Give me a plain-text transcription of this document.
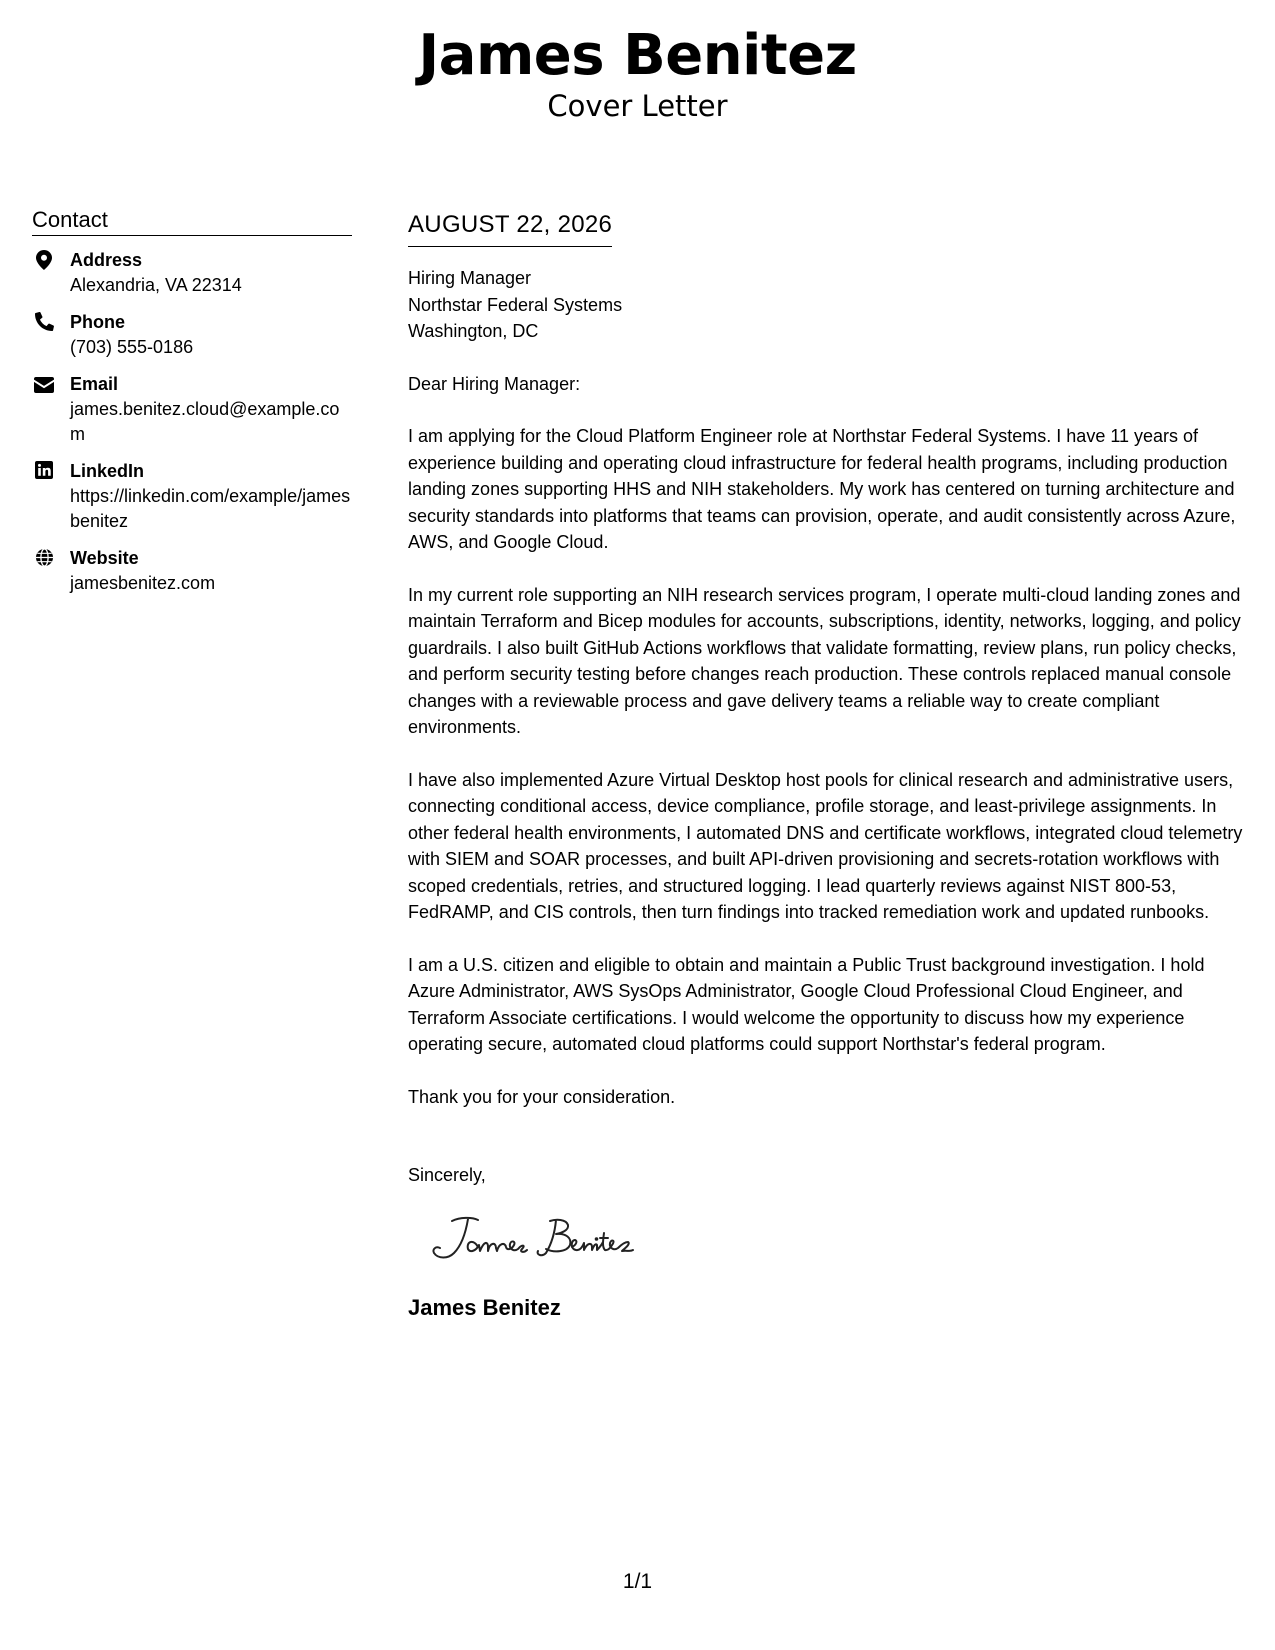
James Benitez
Cover Letter
Contact
Address
Alexandria, VA 22314
Phone
(703) 555-0186
Email
james.benitez.cloud@example.com
LinkedIn
https://linkedin.com/example/jamesbenitez
Website
jamesbenitez.com
AUGUST 22, 2026
Hiring Manager
Northstar Federal Systems
Washington, DC
Dear Hiring Manager:
I am applying for the Cloud Platform Engineer role at Northstar Federal Systems. I have 11 years of experience building and operating cloud infrastructure for federal health programs, including production landing zones supporting HHS and NIH stakeholders. My work has centered on turning architecture and security standards into platforms that teams can provision, operate, and audit consistently across Azure, AWS, and Google Cloud.
In my current role supporting an NIH research services program, I operate multi-cloud landing zones and maintain Terraform and Bicep modules for accounts, subscriptions, identity, networks, logging, and policy guardrails. I also built GitHub Actions workflows that validate formatting, review plans, run policy checks, and perform security testing before changes reach production. These controls replaced manual console changes with a reviewable process and gave delivery teams a reliable way to create compliant environments.
I have also implemented Azure Virtual Desktop host pools for clinical research and administrative users, connecting conditional access, device compliance, profile storage, and least-privilege assignments. In other federal health environments, I automated DNS and certificate workflows, integrated cloud telemetry with SIEM and SOAR processes, and built API-driven provisioning and secrets-rotation workflows with scoped credentials, retries, and structured logging. I lead quarterly reviews against NIST 800-53, FedRAMP, and CIS controls, then turn findings into tracked remediation work and updated runbooks.
I am a U.S. citizen and eligible to obtain and maintain a Public Trust background investigation. I hold Azure Administrator, AWS SysOps Administrator, Google Cloud Professional Cloud Engineer, and Terraform Associate certifications. I would welcome the opportunity to discuss how my experience operating secure, automated cloud platforms could support Northstar's federal program.
Thank you for your consideration.
Sincerely,
James Benitez
1/1
